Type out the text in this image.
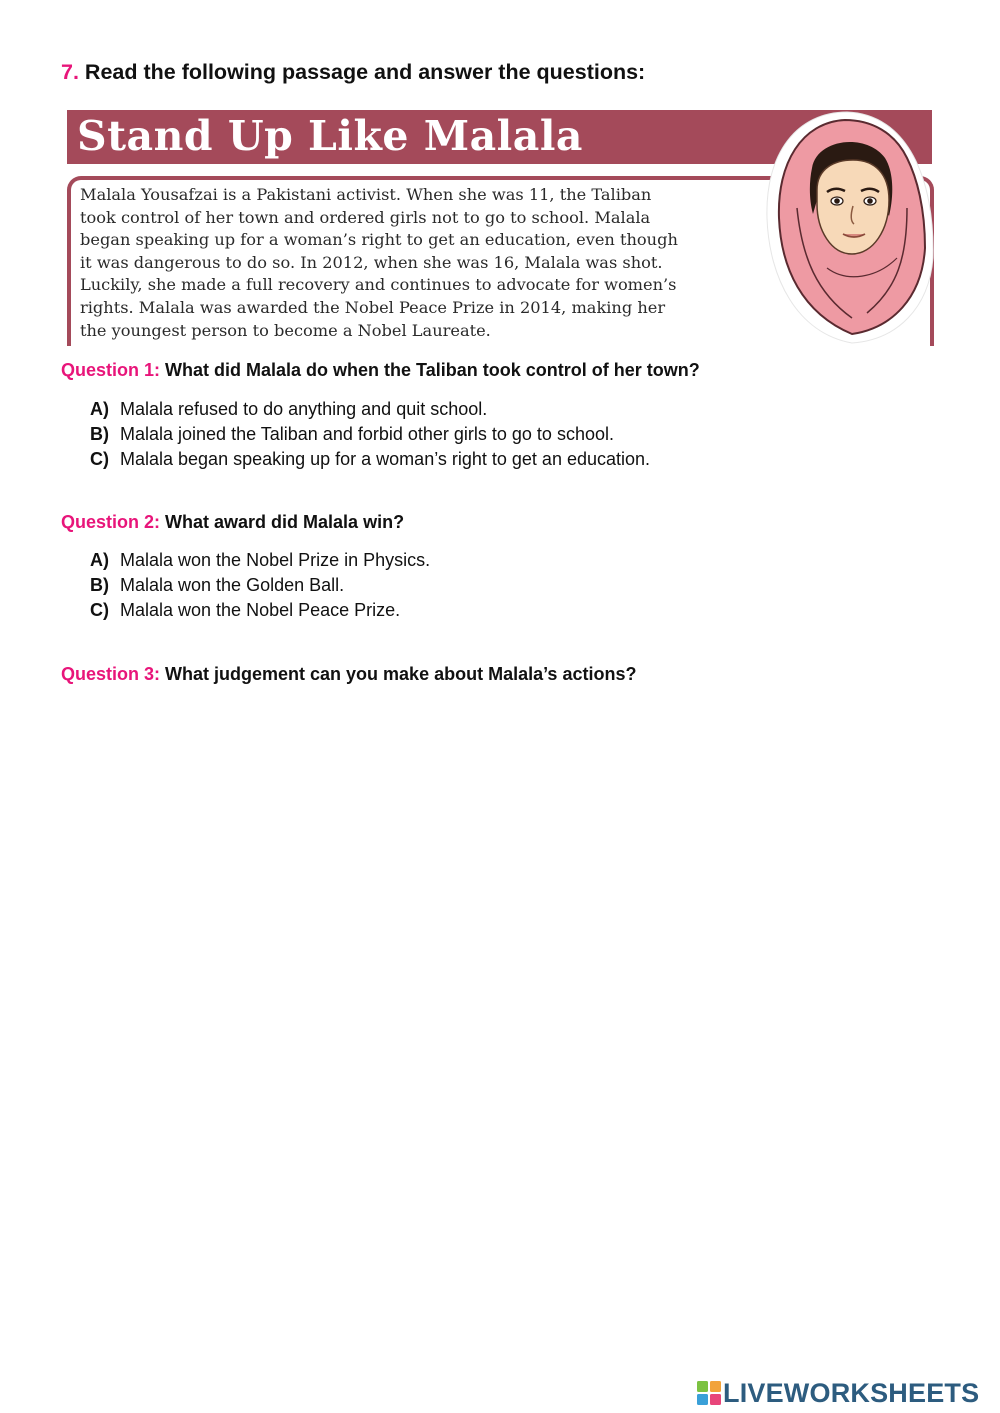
7. Read the following passage and answer the questions:
Stand Up Like Malala
Malala Yousafzai is a Pakistani activist. When she was 11, the Taliban
took control of her town and ordered girls not to go to school. Malala
began speaking up for a woman’s right to get an education, even though
it was dangerous to do so. In 2012, when she was 16, Malala was shot.
Luckily, she made a full recovery and continues to advocate for women’s
rights. Malala was awarded the Nobel Peace Prize in 2014, making her
the youngest person to become a Nobel Laureate.
Question 1: What did Malala do when the Taliban took control of her town?
A) Malala refused to do anything and quit school.
B) Malala joined the Taliban and forbid other girls to go to school.
C) Malala began speaking up for a woman’s right to get an education.
Question 2: What award did Malala win?
A) Malala won the Nobel Prize in Physics.
B) Malala won the Golden Ball.
C) Malala won the Nobel Peace Prize.
Question 3: What judgement can you make about Malala’s actions?
LIVEWORKSHEETS
